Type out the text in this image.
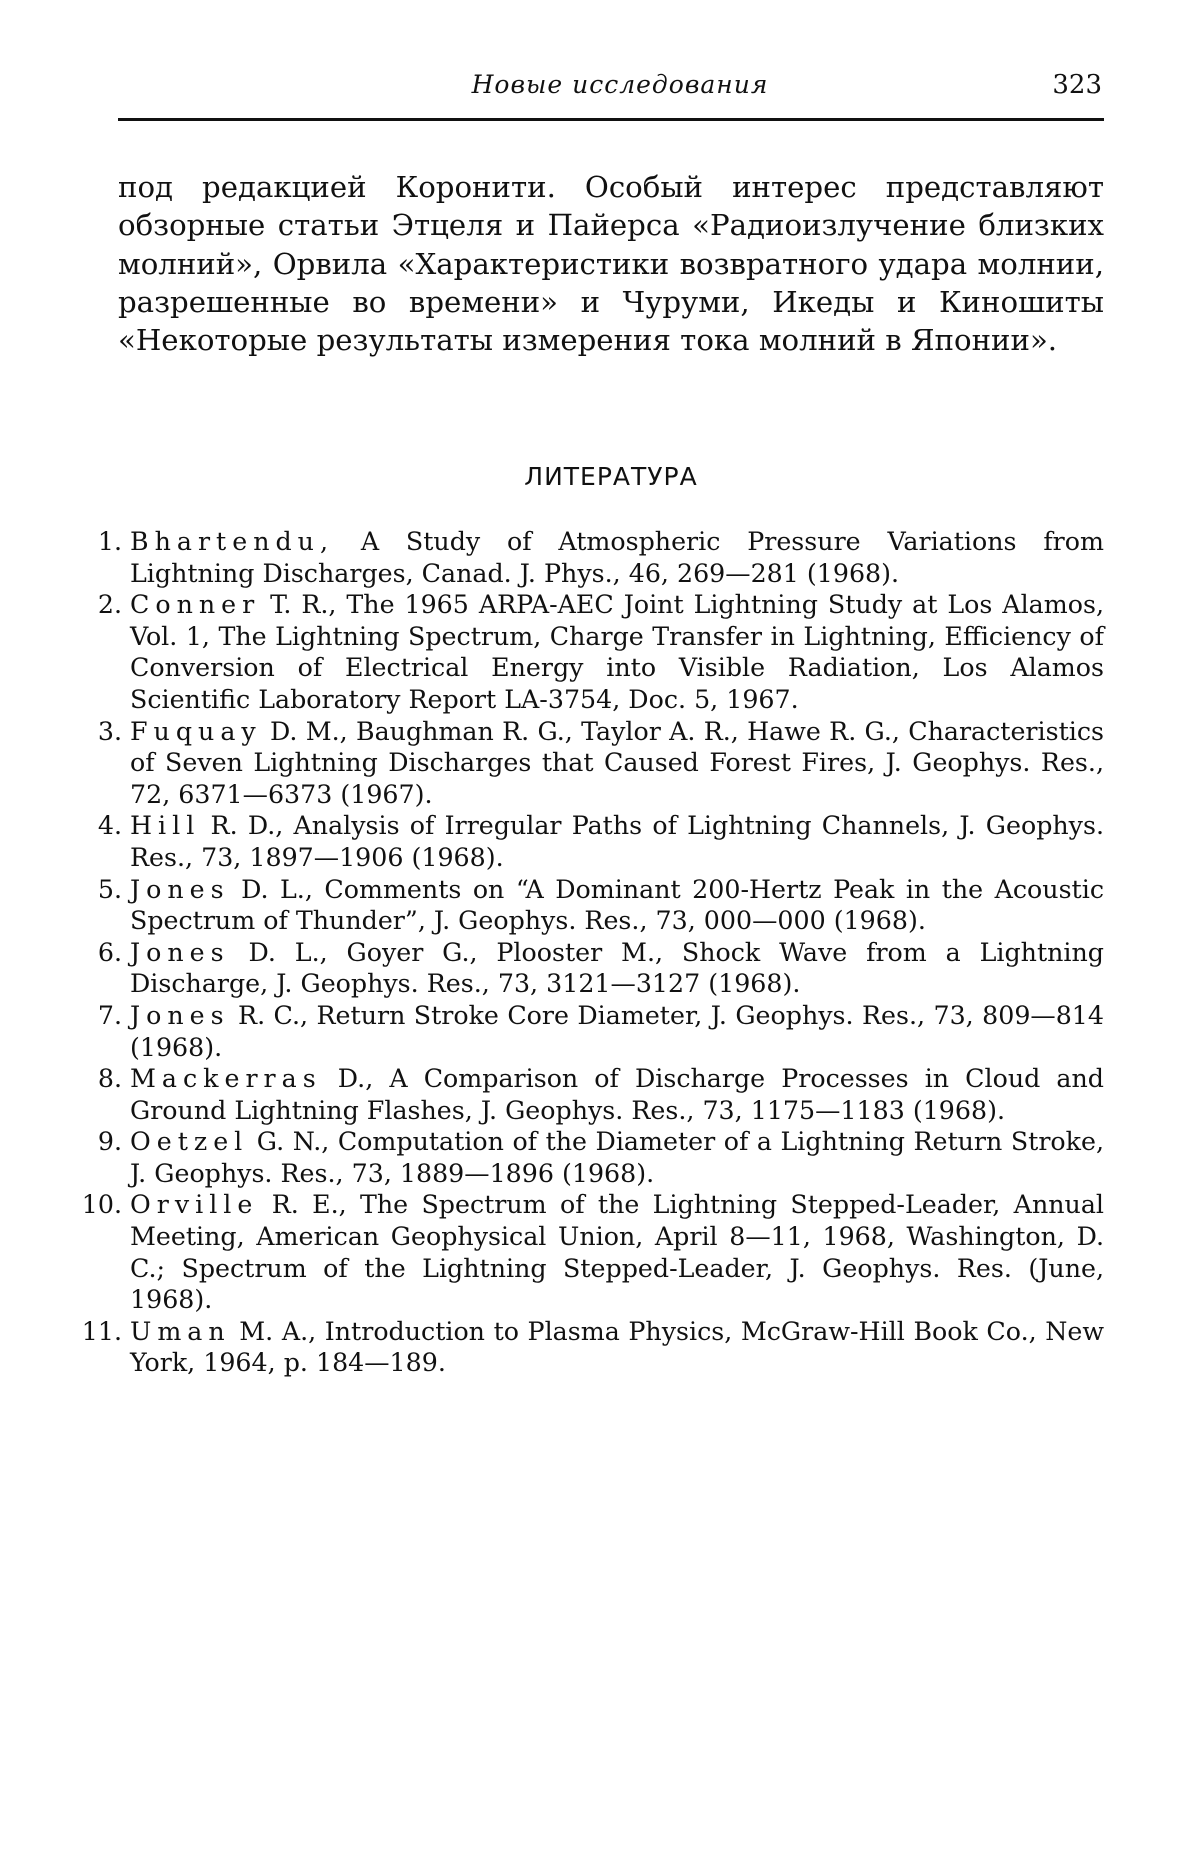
Новые исследования	323

под редакцией Коронити. Особый интерес представляют обзорные статьи Этцеля и Пайерса «Радиоизлучение близких молний», Орвила «Характеристики возвратного удара молнии, разрешенные во времени» и Чуруми, Икеды и Киношиты «Некоторые результаты измерения тока молний в Японии».

ЛИТЕРАТУРА
1. Bhartendu, A Study of Atmospheric Pressure Variations from Lightning Discharges, Canad. J. Phys., 46, 269—281 (1968).
2. Conner T. R., The 1965 ARPA-AEC Joint Lightning Study at Los Alamos, Vol. 1, The Lightning Spectrum, Charge Transfer in Lightning, Efficiency of Conversion of Electrical Energy into Visible Radiation, Los Alamos Scientific Laboratory Report LA-3754, Doc. 5, 1967.
3. Fuquay D. M., Baughman R. G., Taylor A. R., Hawe R. G., Characteristics of Seven Lightning Discharges that Caused Forest Fires, J. Geophys. Res., 72, 6371—6373 (1967).
4. Hill R. D., Analysis of Irregular Paths of Lightning Channels, J. Geophys. Res., 73, 1897—1906 (1968).
5. Jones D. L., Comments on “A Dominant 200-Hertz Peak in the Acoustic Spectrum of Thunder”, J. Geophys. Res., 73, 000—000 (1968).
6. Jones D. L., Goyer G., Plooster M., Shock Wave from a Lightning Discharge, J. Geophys. Res., 73, 3121—3127 (1968).
7. Jones R. C., Return Stroke Core Diameter, J. Geophys. Res., 73, 809—814 (1968).
8. Mackerras D., A Comparison of Discharge Processes in Cloud and Ground Lightning Flashes, J. Geophys. Res., 73, 1175—1183 (1968).
9. Oetzel G. N., Computation of the Diameter of a Lightning Return Stroke, J. Geophys. Res., 73, 1889—1896 (1968).
10. Orville R. E., The Spectrum of the Lightning Stepped-Leader, Annual Meeting, American Geophysical Union, April 8—11, 1968, Washington, D. C.; Spectrum of the Lightning Stepped-Leader, J. Geophys. Res. (June, 1968).
11. Uman M. A., Introduction to Plasma Physics, McGraw-Hill Book Co., New York, 1964, p. 184—189.
